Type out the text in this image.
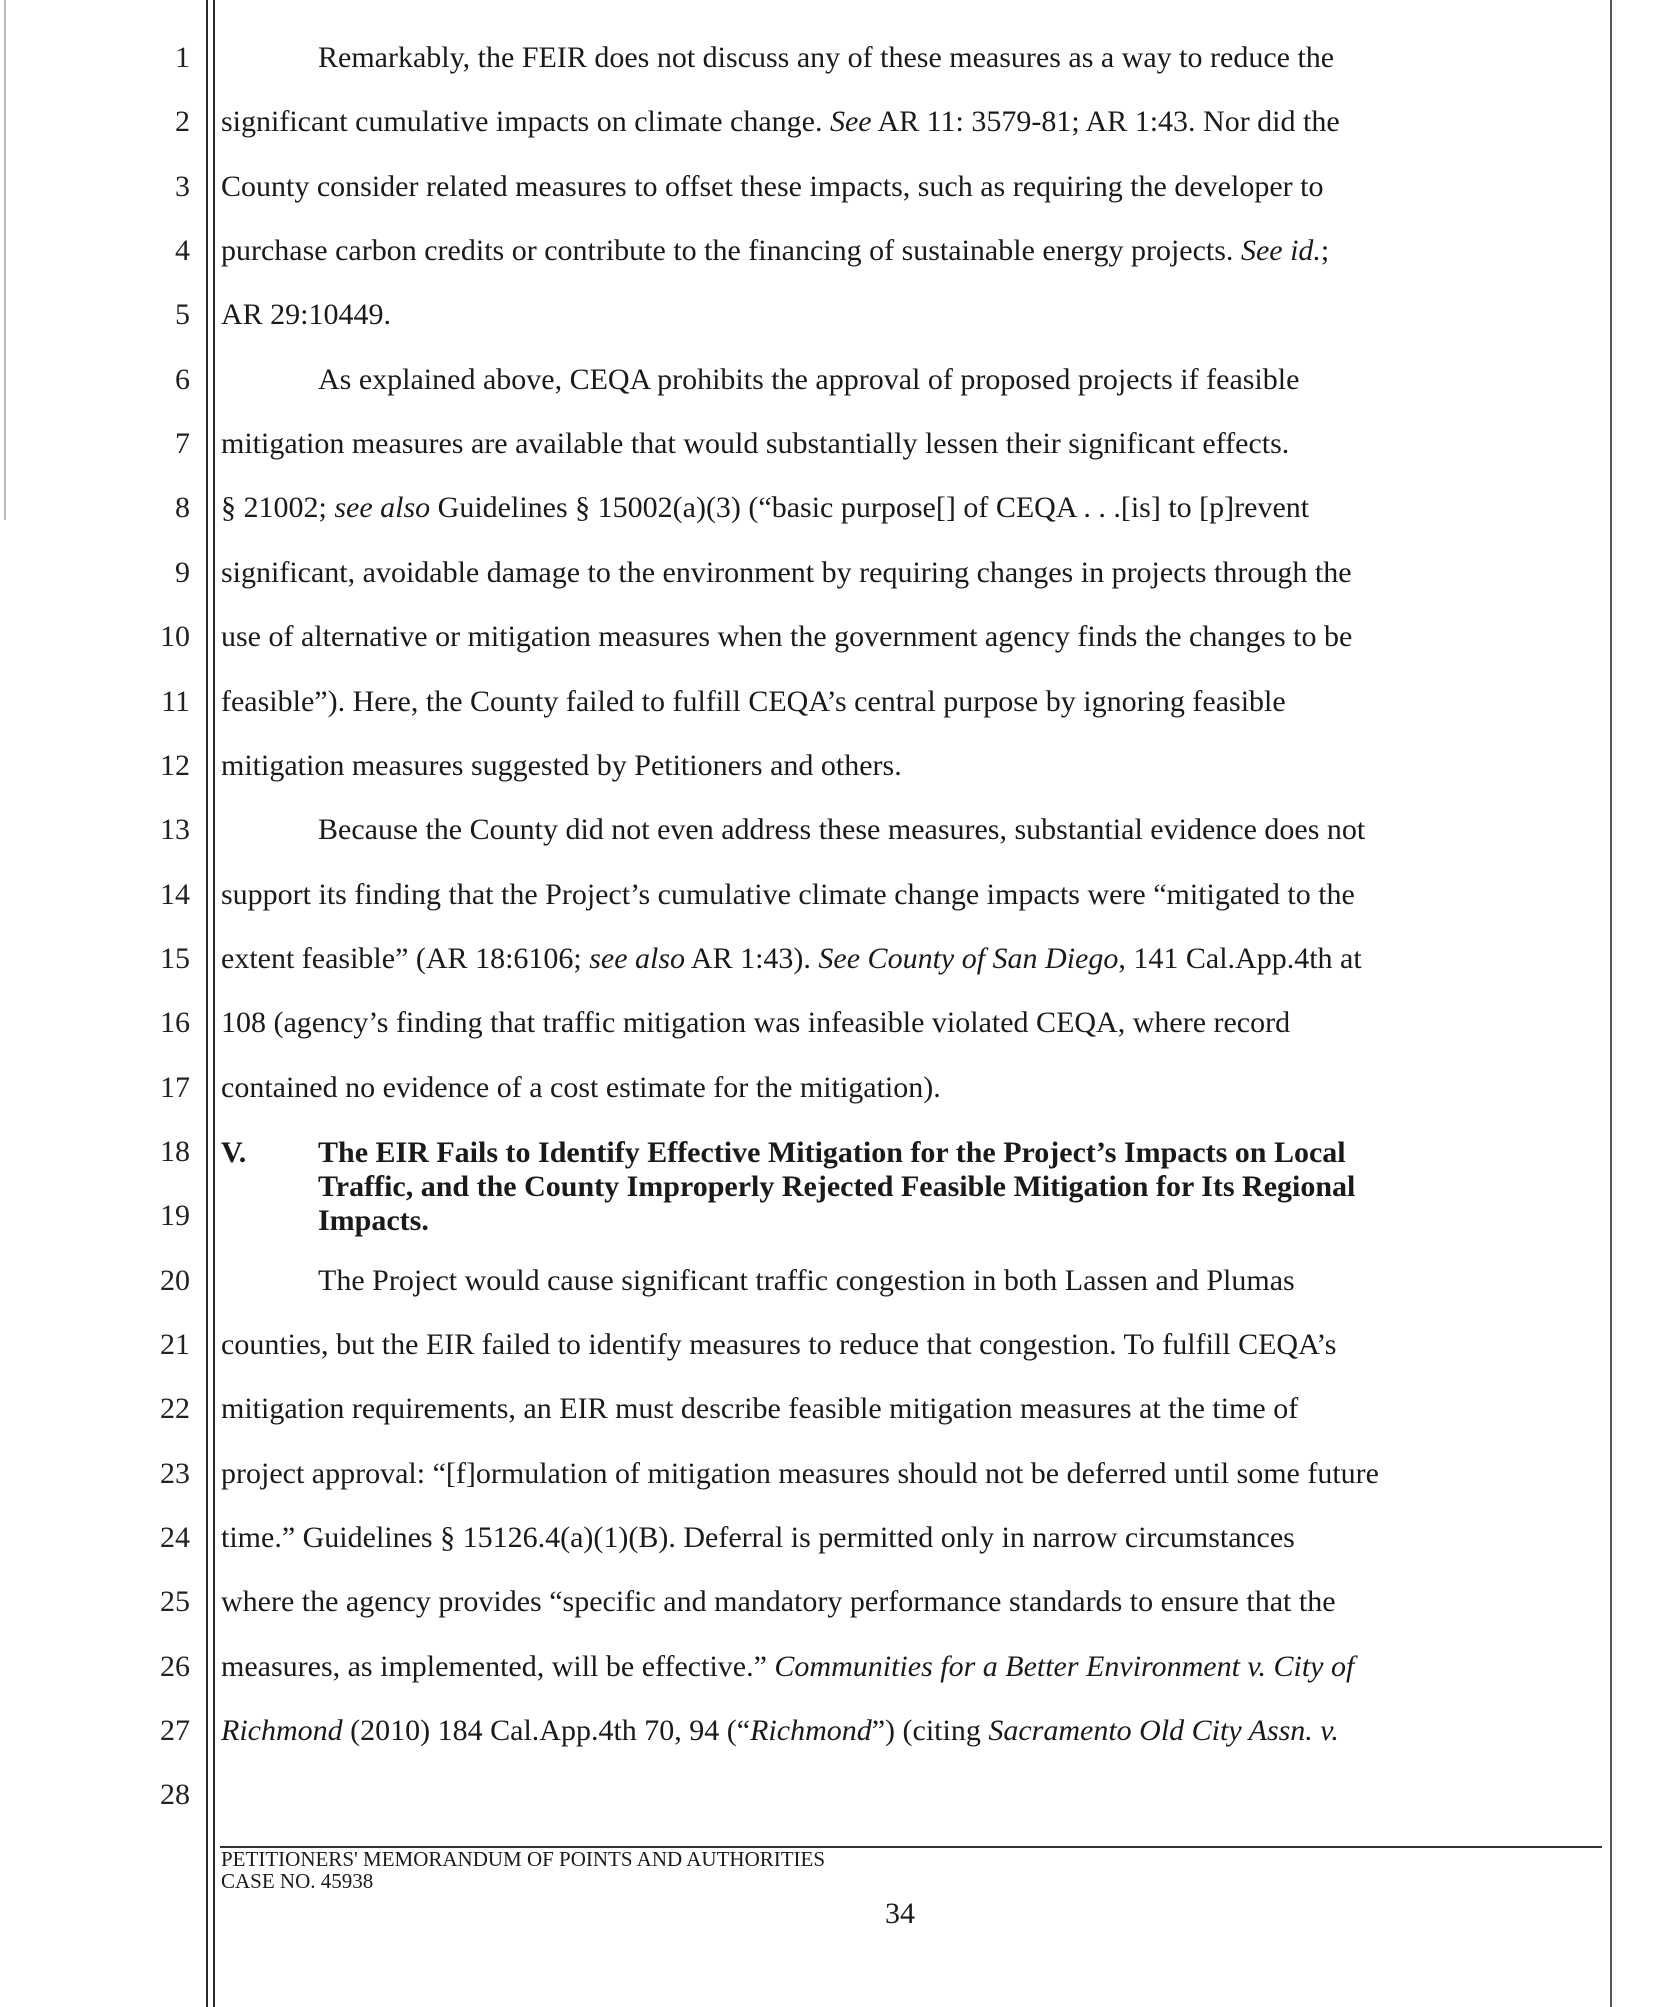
1
2
3
4
5
6
7
8
9
10
11
12
13
14
15
16
17
18
19
20
21
22
23
24
25
26
27
28
Remarkably, the FEIR does not discuss any of these measures as a way to reduce the
significant cumulative impacts on climate change. See AR 11: 3579-81; AR 1:43. Nor did the
County consider related measures to offset these impacts, such as requiring the developer to
purchase carbon credits or contribute to the financing of sustainable energy projects. See id.;
AR 29:10449.
As explained above, CEQA prohibits the approval of proposed projects if feasible
mitigation measures are available that would substantially lessen their significant effects.
§ 21002; see also Guidelines § 15002(a)(3) (“basic purpose[] of CEQA . . .[is] to [p]revent
significant, avoidable damage to the environment by requiring changes in projects through the
use of alternative or mitigation measures when the government agency finds the changes to be
feasible”). Here, the County failed to fulfill CEQA’s central purpose by ignoring feasible
mitigation measures suggested by Petitioners and others.
Because the County did not even address these measures, substantial evidence does not
support its finding that the Project’s cumulative climate change impacts were “mitigated to the
extent feasible” (AR 18:6106; see also AR 1:43). See County of San Diego, 141 Cal.App.4th at
108 (agency’s finding that traffic mitigation was infeasible violated CEQA, where record
contained no evidence of a cost estimate for the mitigation).
The Project would cause significant traffic congestion in both Lassen and Plumas
counties, but the EIR failed to identify measures to reduce that congestion. To fulfill CEQA’s
mitigation requirements, an EIR must describe feasible mitigation measures at the time of
project approval: “[f]ormulation of mitigation measures should not be deferred until some future
time.” Guidelines § 15126.4(a)(1)(B). Deferral is permitted only in narrow circumstances
where the agency provides “specific and mandatory performance standards to ensure that the
measures, as implemented, will be effective.” Communities for a Better Environment v. City of
Richmond (2010) 184 Cal.App.4th 70, 94 (“Richmond”) (citing Sacramento Old City Assn. v.
V. The EIR Fails to Identify Effective Mitigation for the Project’s Impacts on Local
Traffic, and the County Improperly Rejected Feasible Mitigation for Its Regional
Impacts.
PETITIONERS' MEMORANDUM OF POINTS AND AUTHORITIES
CASE NO. 45938
34
